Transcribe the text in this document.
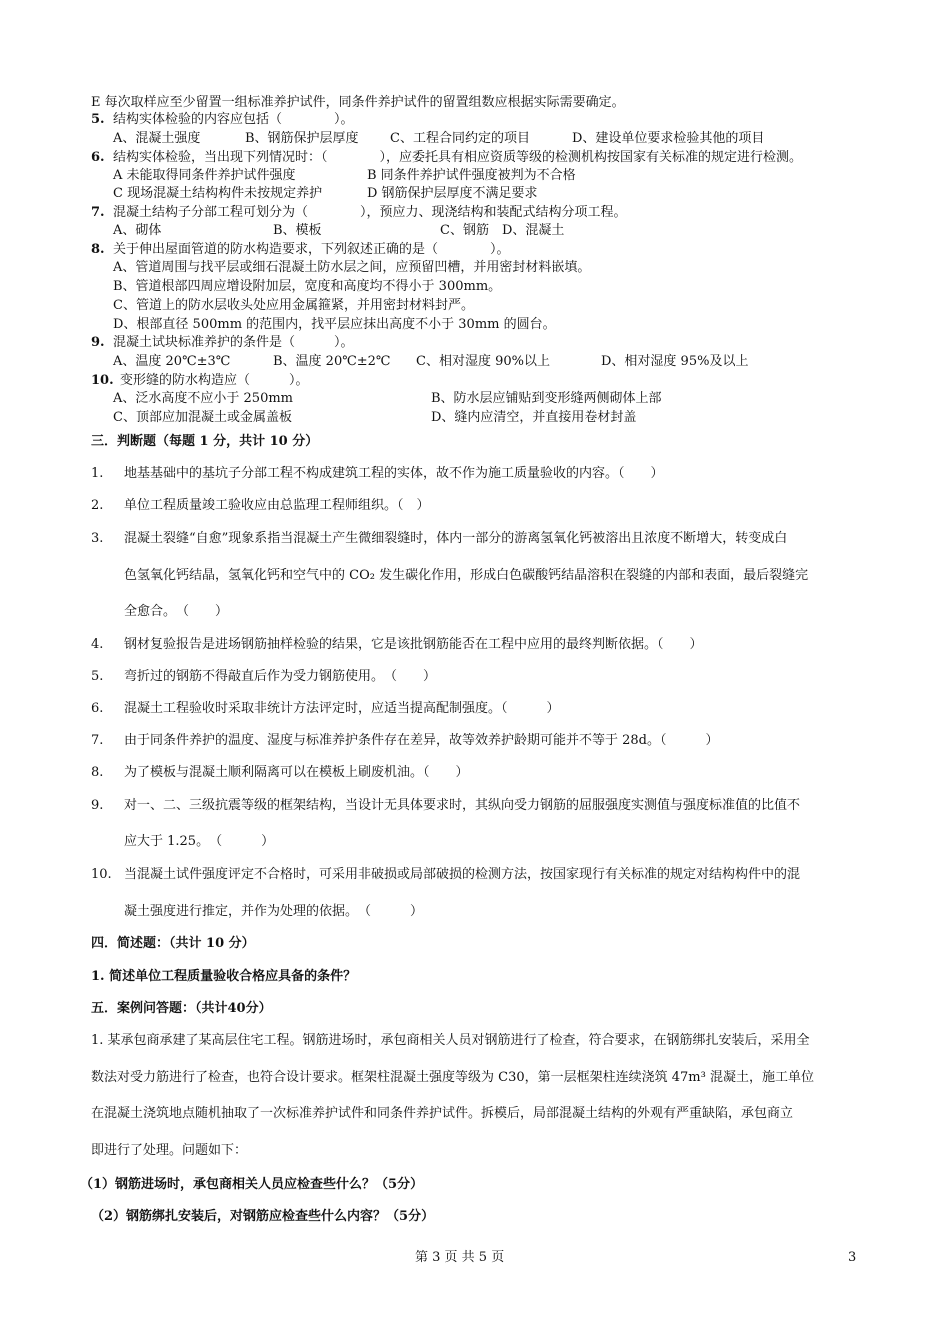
E 每次取样应至少留置一组标准养护试件，同条件养护试件的留置组数应根据实际需要确定。
5. 结构实体检验的内容应包括（　　　　）。
A、混凝土强度	B、钢筋保护层厚度 C、工程合同约定的项目	D、建设单位要求检验其他的项目
6. 结构实体检验，当出现下列情况时：（　　　　），应委托具有相应资质等级的检测机构按国家有关标准的规定进行检测。
A 未能取得同条件养护试件强度	B 同条件养护试件强度被判为不合格
C 现场混凝土结构构件未按规定养护	D 钢筋保护层厚度不满足要求
7. 混凝土结构子分部工程可划分为（　　　　），预应力、现浇结构和装配式结构分项工程。
A、砌体	B、模板	C、钢筋 D、混凝土
8. 关于伸出屋面管道的防水构造要求，下列叙述正确的是（　　　　）。
A、管道周围与找平层或细石混凝土防水层之间，应预留凹槽，并用密封材料嵌填。
B、管道根部四周应增设附加层，宽度和高度均不得小于 300mm。
C、管道上的防水层收头处应用金属箍紧，并用密封材料封严。
D、根部直径 500mm 的范围内，找平层应抹出高度不小于 30mm 的圆台。
9. 混凝土试块标准养护的条件是（　　　）。
A、温度 20℃±3℃	B、温度 20℃±2℃ C、相对湿度 90%以上	D、相对湿度 95%及以上
10. 变形缝的防水构造应（　　　）。
A、泛水高度不应小于 250mm	B、防水层应铺贴到变形缝两侧砌体上部
C、顶部应加混凝土或金属盖板	D、缝内应清空，并直接用卷材封盖
三．判断题（每题 1 分，共计 10 分）
1. 地基基础中的基坑子分部工程不构成建筑工程的实体，故不作为施工质量验收的内容。（　　）
2. 单位工程质量竣工验收应由总监理工程师组织。（　）
3. 混凝土裂缝“自愈”现象系指当混凝土产生微细裂缝时，体内一部分的游离氢氧化钙被溶出且浓度不断增大，转变成白
色氢氧化钙结晶，氢氧化钙和空气中的 CO₂ 发生碳化作用，形成白色碳酸钙结晶溶积在裂缝的内部和表面，最后裂缝完
全愈合。　（　　）
4. 钢材复验报告是进场钢筋抽样检验的结果，它是该批钢筋能否在工程中应用的最终判断依据。（　　）
5. 弯折过的钢筋不得敲直后作为受力钢筋使用。　（　　）
6. 混凝土工程验收时采取非统计方法评定时，应适当提高配制强度。（　　　）
7. 由于同条件养护的温度、湿度与标准养护条件存在差异，故等效养护龄期可能并不等于 28d。（　　　）
8. 为了模板与混凝土顺利隔离可以在模板上刷废机油。（　　）
9. 对一、二、三级抗震等级的框架结构，当设计无具体要求时，其纵向受力钢筋的屈服强度实测值与强度标准值的比值不
应大于 1.25。　（　　　）
10. 当混凝土试件强度评定不合格时，可采用非破损或局部破损的检测方法，按国家现行有关标准的规定对结构构件中的混
凝土强度进行推定，并作为处理的依据。　（　　　）
四．简述题：（共计 10 分）
1. 简述单位工程质量验收合格应具备的条件？
五．案例问答题：（共计40分）
1. 某承包商承建了某高层住宅工程。钢筋进场时，承包商相关人员对钢筋进行了检查，符合要求，在钢筋绑扎安装后，采用全
数法对受力筋进行了检查，也符合设计要求。框架柱混凝土强度等级为 C30，第一层框架柱连续浇筑 47m³ 混凝土，施工单位
在混凝土浇筑地点随机抽取了一次标准养护试件和同条件养护试件。拆模后，局部混凝土结构的外观有严重缺陷，承包商立
即进行了处理。问题如下：
（1）钢筋进场时，承包商相关人员应检查些什么？（5分）
（2）钢筋绑扎安装后，对钢筋应检查些什么内容？（5分）
第 3 页 共 5 页	3
